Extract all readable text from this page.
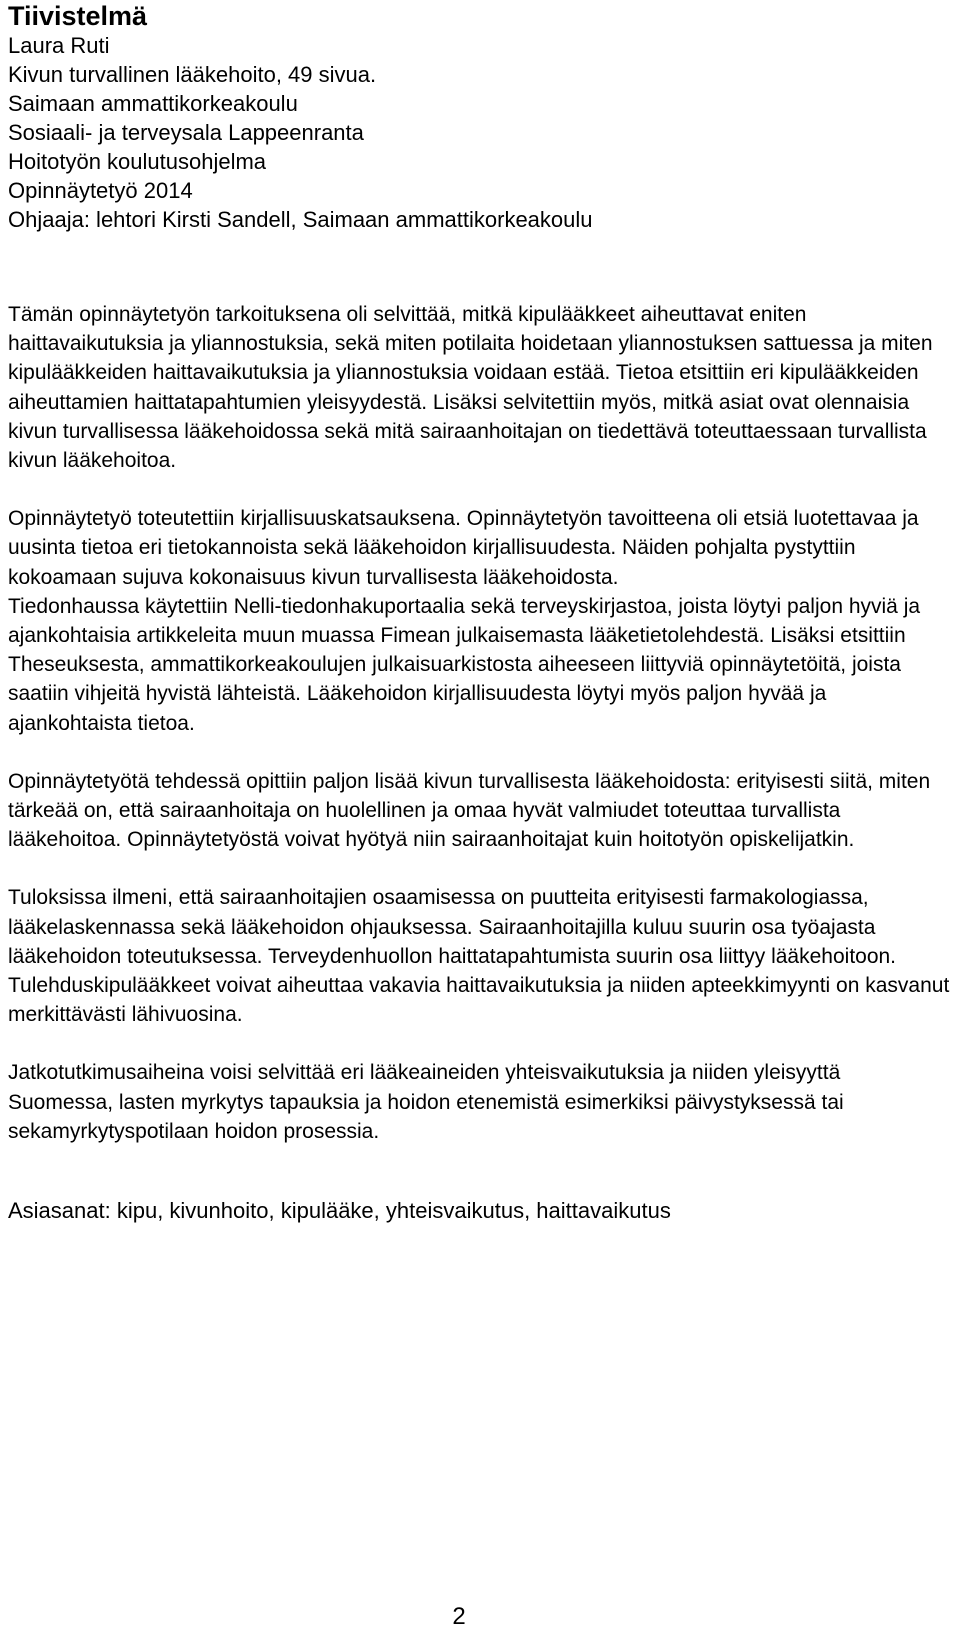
Tiivistelmä
Laura Ruti
Kivun turvallinen lääkehoito, 49 sivua.
Saimaan ammattikorkeakoulu
Sosiaali- ja terveysala Lappeenranta
Hoitotyön koulutusohjelma
Opinnäytetyö 2014
Ohjaaja: lehtori Kirsti Sandell, Saimaan ammattikorkeakoulu

Tämän opinnäytetyön tarkoituksena oli selvittää, mitkä kipulääkkeet aiheuttavat eniten haittavaikutuksia ja yliannostuksia, sekä miten potilaita hoidetaan yliannostuksen sattuessa ja miten kipulääkkeiden haittavaikutuksia ja yliannostuksia voidaan estää. Tietoa etsittiin eri kipulääkkeiden aiheuttamien haittatapahtumien yleisyydestä. Lisäksi selvitettiin myös, mitkä asiat ovat olennaisia kivun turvallisessa lääkehoidossa sekä mitä sairaanhoitajan on tiedettävä toteuttaessaan turvallista kivun lääkehoitoa.

Opinnäytetyö toteutettiin kirjallisuuskatsauksena. Opinnäytetyön tavoitteena oli etsiä luotettavaa ja uusinta tietoa eri tietokannoista sekä lääkehoidon kirjallisuudesta. Näiden pohjalta pystyttiin kokoamaan sujuva kokonaisuus kivun turvallisesta lääkehoidosta.

Tiedonhaussa käytettiin Nelli-tiedonhakuportaalia sekä terveyskirjastoa, joista löytyi paljon hyviä ja ajankohtaisia artikkeleita muun muassa Fimean julkaisemasta lääketietolehdestä. Lisäksi etsittiin Theseuksesta, ammattikorkeakoulujen julkaisuarkistosta aiheeseen liittyviä opinnäytetöitä, joista saatiin vihjeitä hyvistä lähteistä. Lääkehoidon kirjallisuudesta löytyi myös paljon hyvää ja ajankohtaista tietoa.

Opinnäytetyötä tehdessä opittiin paljon lisää kivun turvallisesta lääkehoidosta: erityisesti siitä, miten tärkeää on, että sairaanhoitaja on huolellinen ja omaa hyvät valmiudet toteuttaa turvallista lääkehoitoa. Opinnäytetyöstä voivat hyötyä niin sairaanhoitajat kuin hoitotyön opiskelijatkin.

Tuloksissa ilmeni, että sairaanhoitajien osaamisessa on puutteita erityisesti farmakologiassa, lääkelaskennassa sekä lääkehoidon ohjauksessa. Sairaanhoitajilla kuluu suurin osa työajasta lääkehoidon toteutuksessa. Terveydenhuollon haittatapahtumista suurin osa liittyy lääkehoitoon. Tulehduskipulääkkeet voivat aiheuttaa vakavia haittavaikutuksia ja niiden apteekkimyynti on kasvanut merkittävästi lähivuosina.

Jatkotutkimusaiheina voisi selvittää eri lääkeaineiden yhteisvaikutuksia ja niiden yleisyyttä Suomessa, lasten myrkytys tapauksia ja hoidon etenemistä esimerkiksi päivystyksessä tai sekamyrkytyspotilaan hoidon prosessia.

Asiasanat: kipu, kivunhoito, kipulääke, yhteisvaikutus, haittavaikutus

2
